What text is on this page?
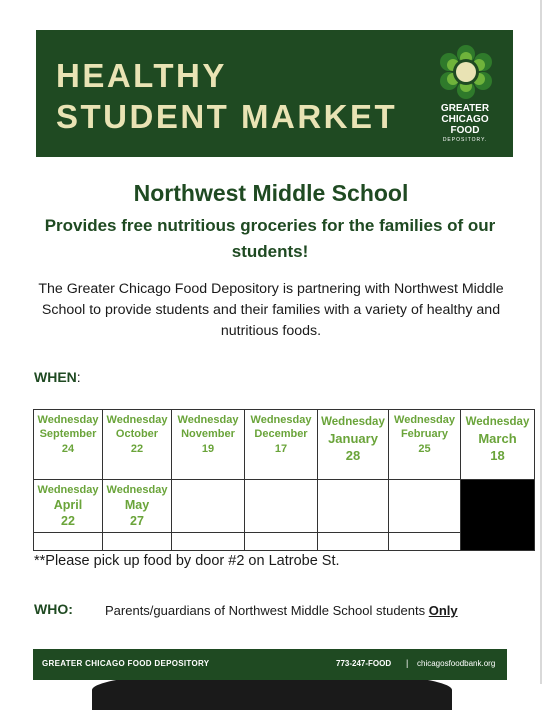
HEALTHY
STUDENT MARKET	GREATER
CHICAGO
FOOD
DEPOSITORY.
Northwest Middle School
Provides free nutritious groceries for the families of our students!
The Greater Chicago Food Depository is partnering with Northwest Middle School to provide students and their families with a variety of healthy and nutritious foods.
WHEN:
Wednesday
September
24	Wednesday
October
22	Wednesday
November
19	Wednesday
December
17	Wednesday
January
28	Wednesday
February
25	Wednesday
March
18

Wednesday
April
22	Wednesday
May
27					

**Please pick up food by door #2 on Latrobe St.
WHO: Parents/guardians of Northwest Middle School students Only
GREATER CHICAGO FOOD DEPOSITORY	773-247-FOOD | chicagosfoodbank.org
